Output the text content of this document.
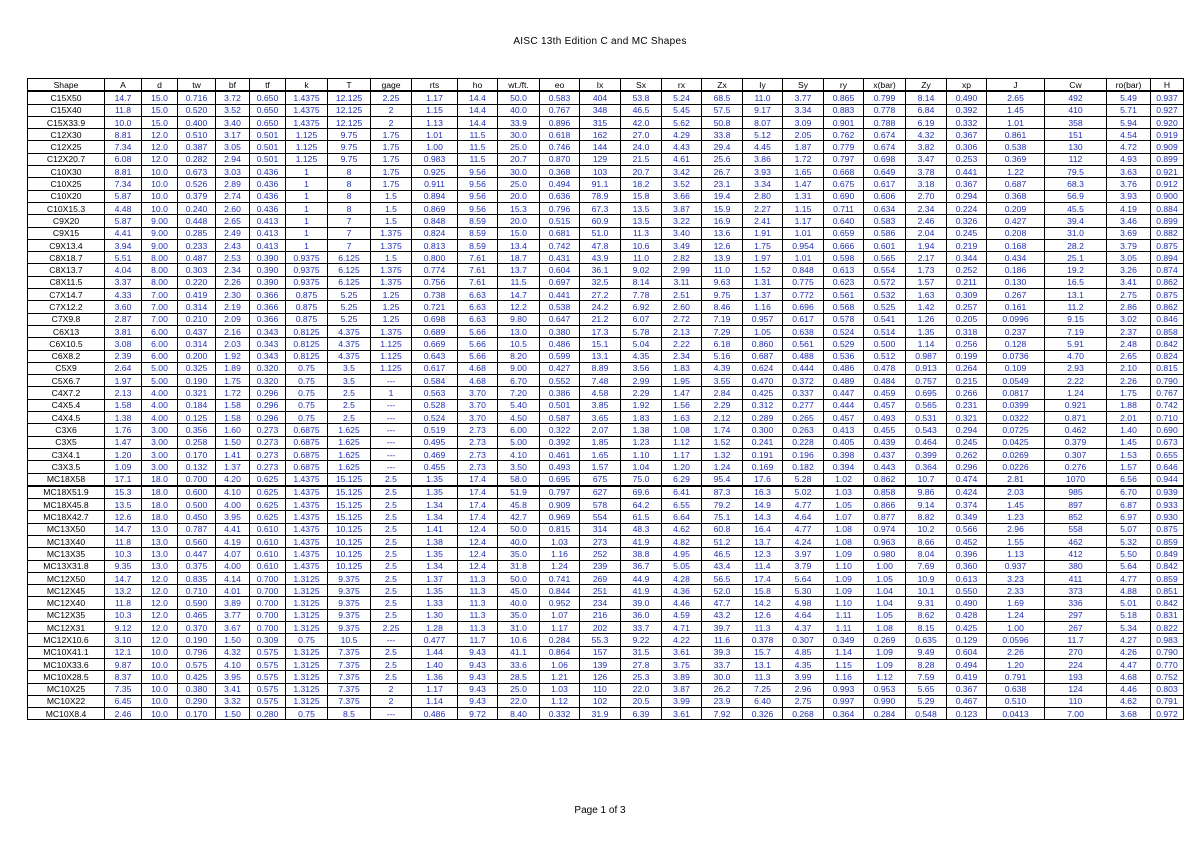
AISC 13th Edition C and MC Shapes
Shape	A	d	tw	bf	tf	k	T	gage	rts	ho	wt./ft.	eo	Ix	Sx	rx	Zx	Iy	Sy	ry	x(bar)	Zy	xp	J	Cw	ro(bar)	H
C15X50	14.7	15.0	0.716	3.72	0.650	1.4375	12.125	2.25	1.17	14.4	50.0	0.583	404	53.8	5.24	68.5	11.0	3.77	0.865	0.799	8.14	0.490	2.65	492	5.49	0.937
C15X40	11.8	15.0	0.520	3.52	0.650	1.4375	12.125	2	1.15	14.4	40.0	0.767	348	46.5	5.45	57.5	9.17	3.34	0.883	0.778	6.84	0.392	1.45	410	5.71	0.927
C15X33.9	10.0	15.0	0.400	3.40	0.650	1.4375	12.125	2	1.13	14.4	33.9	0.896	315	42.0	5.62	50.8	8.07	3.09	0.901	0.788	6.19	0.332	1.01	358	5.94	0.920
C12X30	8.81	12.0	0.510	3.17	0.501	1.125	9.75	1.75	1.01	11.5	30.0	0.618	162	27.0	4.29	33.8	5.12	2.05	0.762	0.674	4.32	0.367	0.861	151	4.54	0.919
C12X25	7.34	12.0	0.387	3.05	0.501	1.125	9.75	1.75	1.00	11.5	25.0	0.746	144	24.0	4.43	29.4	4.45	1.87	0.779	0.674	3.82	0.306	0.538	130	4.72	0.909
C12X20.7	6.08	12.0	0.282	2.94	0.501	1.125	9.75	1.75	0.983	11.5	20.7	0.870	129	21.5	4.61	25.6	3.86	1.72	0.797	0.698	3.47	0.253	0.369	112	4.93	0.899
C10X30	8.81	10.0	0.673	3.03	0.436	1	8	1.75	0.925	9.56	30.0	0.368	103	20.7	3.42	26.7	3.93	1.65	0.668	0.649	3.78	0.441	1.22	79.5	3.63	0.921
C10X25	7.34	10.0	0.526	2.89	0.436	1	8	1.75	0.911	9.56	25.0	0.494	91.1	18.2	3.52	23.1	3.34	1.47	0.675	0.617	3.18	0.367	0.687	68.3	3.76	0.912
C10X20	5.87	10.0	0.379	2.74	0.436	1	8	1.5	0.894	9.56	20.0	0.636	78.9	15.8	3.66	19.4	2.80	1.31	0.690	0.606	2.70	0.294	0.368	56.9	3.93	0.900
C10X15.3	4.48	10.0	0.240	2.60	0.436	1	8	1.5	0.869	9.56	15.3	0.796	67.3	13.5	3.87	15.9	2.27	1.15	0.711	0.634	2.34	0.224	0.209	45.5	4.19	0.884
C9X20	5.87	9.00	0.448	2.65	0.413	1	7	1.5	0.848	8.59	20.0	0.515	60.9	13.5	3.22	16.9	2.41	1.17	0.640	0.583	2.46	0.326	0.427	39.4	3.46	0.899
C9X15	4.41	9.00	0.285	2.49	0.413	1	7	1.375	0.824	8.59	15.0	0.681	51.0	11.3	3.40	13.6	1.91	1.01	0.659	0.586	2.04	0.245	0.208	31.0	3.69	0.882
C9X13.4	3.94	9.00	0.233	2.43	0.413	1	7	1.375	0.813	8.59	13.4	0.742	47.8	10.6	3.49	12.6	1.75	0.954	0.666	0.601	1.94	0.219	0.168	28.2	3.79	0.875
C8X18.7	5.51	8.00	0.487	2.53	0.390	0.9375	6.125	1.5	0.800	7.61	18.7	0.431	43.9	11.0	2.82	13.9	1.97	1.01	0.598	0.565	2.17	0.344	0.434	25.1	3.05	0.894
C8X13.7	4.04	8.00	0.303	2.34	0.390	0.9375	6.125	1.375	0.774	7.61	13.7	0.604	36.1	9.02	2.99	11.0	1.52	0.848	0.613	0.554	1.73	0.252	0.186	19.2	3.26	0.874
C8X11.5	3.37	8.00	0.220	2.26	0.390	0.9375	6.125	1.375	0.756	7.61	11.5	0.697	32.5	8.14	3.11	9.63	1.31	0.775	0.623	0.572	1.57	0.211	0.130	16.5	3.41	0.862
C7X14.7	4.33	7.00	0.419	2.30	0.366	0.875	5.25	1.25	0.738	6.63	14.7	0.441	27.2	7.78	2.51	9.75	1.37	0.772	0.561	0.532	1.63	0.309	0.267	13.1	2.75	0.875
C7X12.2	3.60	7.00	0.314	2.19	0.366	0.875	5.25	1.25	0.721	6.63	12.2	0.538	24.2	6.92	2.60	8.46	1.16	0.696	0.568	0.525	1.42	0.257	0.161	11.2	2.86	0.862
C7X9.8	2.87	7.00	0.210	2.09	0.366	0.875	5.25	1.25	0.698	6.63	9.80	0.647	21.2	6.07	2.72	7.19	0.957	0.617	0.578	0.541	1.26	0.205	0.0996	9.15	3.02	0.846
C6X13	3.81	6.00	0.437	2.16	0.343	0.8125	4.375	1.375	0.689	5.66	13.0	0.380	17.3	5.78	2.13	7.29	1.05	0.638	0.524	0.514	1.35	0.318	0.237	7.19	2.37	0.858
C6X10.5	3.08	6.00	0.314	2.03	0.343	0.8125	4.375	1.125	0.669	5.66	10.5	0.486	15.1	5.04	2.22	6.18	0.860	0.561	0.529	0.500	1.14	0.256	0.128	5.91	2.48	0.842
C6X8.2	2.39	6.00	0.200	1.92	0.343	0.8125	4.375	1.125	0.643	5.66	8.20	0.599	13.1	4.35	2.34	5.16	0.687	0.488	0.536	0.512	0.987	0.199	0.0736	4.70	2.65	0.824
C5X9	2.64	5.00	0.325	1.89	0.320	0.75	3.5	1.125	0.617	4.68	9.00	0.427	8.89	3.56	1.83	4.39	0.624	0.444	0.486	0.478	0.913	0.264	0.109	2.93	2.10	0.815
C5X6.7	1.97	5.00	0.190	1.75	0.320	0.75	3.5	---	0.584	4.68	6.70	0.552	7.48	2.99	1.95	3.55	0.470	0.372	0.489	0.484	0.757	0.215	0.0549	2.22	2.26	0.790
C4X7.2	2.13	4.00	0.321	1.72	0.296	0.75	2.5	1	0.563	3.70	7.20	0.386	4.58	2.29	1.47	2.84	0.425	0.337	0.447	0.459	0.695	0.266	0.0817	1.24	1.75	0.767
C4X5.4	1.58	4.00	0.184	1.58	0.296	0.75	2.5	---	0.528	3.70	5.40	0.501	3.85	1.92	1.56	2.29	0.312	0.277	0.444	0.457	0.565	0.231	0.0399	0.921	1.88	0.742
C4X4.5	1.38	4.00	0.125	1.58	0.296	0.75	2.5	---	0.524	3.70	4.50	0.587	3.65	1.83	1.63	2.12	0.289	0.265	0.457	0.493	0.531	0.321	0.0322	0.871	2.01	0.710
C3X6	1.76	3.00	0.356	1.60	0.273	0.6875	1.625	---	0.519	2.73	6.00	0.322	2.07	1.38	1.08	1.74	0.300	0.263	0.413	0.455	0.543	0.294	0.0725	0.462	1.40	0.690
C3X5	1.47	3.00	0.258	1.50	0.273	0.6875	1.625	---	0.495	2.73	5.00	0.392	1.85	1.23	1.12	1.52	0.241	0.228	0.405	0.439	0.464	0.245	0.0425	0.379	1.45	0.673
C3X4.1	1.20	3.00	0.170	1.41	0.273	0.6875	1.625	---	0.469	2.73	4.10	0.461	1.65	1.10	1.17	1.32	0.191	0.196	0.398	0.437	0.399	0.262	0.0269	0.307	1.53	0.655
C3X3.5	1.09	3.00	0.132	1.37	0.273	0.6875	1.625	---	0.455	2.73	3.50	0.493	1.57	1.04	1.20	1.24	0.169	0.182	0.394	0.443	0.364	0.296	0.0226	0.276	1.57	0.646
MC18X58	17.1	18.0	0.700	4.20	0.625	1.4375	15.125	2.5	1.35	17.4	58.0	0.695	675	75.0	6.29	95.4	17.6	5.28	1.02	0.862	10.7	0.474	2.81	1070	6.56	0.944
MC18X51.9	15.3	18.0	0.600	4.10	0.625	1.4375	15.125	2.5	1.35	17.4	51.9	0.797	627	69.6	6.41	87.3	16.3	5.02	1.03	0.858	9.86	0.424	2.03	985	6.70	0.939
MC18X45.8	13.5	18.0	0.500	4.00	0.625	1.4375	15.125	2.5	1.34	17.4	45.8	0.909	578	64.2	6.55	79.2	14.9	4.77	1.05	0.866	9.14	0.374	1.45	897	6.87	0.933
MC18X42.7	12.6	18.0	0.450	3.95	0.625	1.4375	15.125	2.5	1.34	17.4	42.7	0.969	554	61.5	6.64	75.1	14.3	4.64	1.07	0.877	8.82	0.349	1.23	852	6.97	0.930
MC13X50	14.7	13.0	0.787	4.41	0.610	1.4375	10.125	2.5	1.41	12.4	50.0	0.815	314	48.3	4.62	60.8	16.4	4.77	1.08	0.974	10.2	0.566	2.96	558	5.07	0.875
MC13X40	11.8	13.0	0.560	4.19	0.610	1.4375	10.125	2.5	1.38	12.4	40.0	1.03	273	41.9	4.82	51.2	13.7	4.24	1.08	0.963	8.66	0.452	1.55	462	5.32	0.859
MC13X35	10.3	13.0	0.447	4.07	0.610	1.4375	10.125	2.5	1.35	12.4	35.0	1.16	252	38.8	4.95	46.5	12.3	3.97	1.09	0.980	8.04	0.396	1.13	412	5.50	0.849
MC13X31.8	9.35	13.0	0.375	4.00	0.610	1.4375	10.125	2.5	1.34	12.4	31.8	1.24	239	36.7	5.05	43.4	11.4	3.79	1.10	1.00	7.69	0.360	0.937	380	5.64	0.842
MC12X50	14.7	12.0	0.835	4.14	0.700	1.3125	9.375	2.5	1.37	11.3	50.0	0.741	269	44.9	4.28	56.5	17.4	5.64	1.09	1.05	10.9	0.613	3.23	411	4.77	0.859
MC12X45	13.2	12.0	0.710	4.01	0.700	1.3125	9.375	2.5	1.35	11.3	45.0	0.844	251	41.9	4.36	52.0	15.8	5.30	1.09	1.04	10.1	0.550	2.33	373	4.88	0.851
MC12X40	11.8	12.0	0.590	3.89	0.700	1.3125	9.375	2.5	1.33	11.3	40.0	0.952	234	39.0	4.46	47.7	14.2	4.98	1.10	1.04	9.31	0.490	1.69	336	5.01	0.842
MC12X35	10.3	12.0	0.465	3.77	0.700	1.3125	9.375	2.5	1.30	11.3	35.0	1.07	216	36.0	4.59	43.2	12.6	4.64	1.11	1.05	8.62	0.428	1.24	297	5.18	0.831
MC12X31	9.12	12.0	0.370	3.67	0.700	1.3125	9.375	2.25	1.28	11.3	31.0	1.17	202	33.7	4.71	39.7	11.3	4.37	1.11	1.08	8.15	0.425	1.00	267	5.34	0.822
MC12X10.6	3.10	12.0	0.190	1.50	0.309	0.75	10.5	---	0.477	11.7	10.6	0.284	55.3	9.22	4.22	11.6	0.378	0.307	0.349	0.269	0.635	0.129	0.0596	11.7	4.27	0.983
MC10X41.1	12.1	10.0	0.796	4.32	0.575	1.3125	7.375	2.5	1.44	9.43	41.1	0.864	157	31.5	3.61	39.3	15.7	4.85	1.14	1.09	9.49	0.604	2.26	270	4.26	0.790
MC10X33.6	9.87	10.0	0.575	4.10	0.575	1.3125	7.375	2.5	1.40	9.43	33.6	1.06	139	27.8	3.75	33.7	13.1	4.35	1.15	1.09	8.28	0.494	1.20	224	4.47	0.770
MC10X28.5	8.37	10.0	0.425	3.95	0.575	1.3125	7.375	2.5	1.36	9.43	28.5	1.21	126	25.3	3.89	30.0	11.3	3.99	1.16	1.12	7.59	0.419	0.791	193	4.68	0.752
MC10X25	7.35	10.0	0.380	3.41	0.575	1.3125	7.375	2	1.17	9.43	25.0	1.03	110	22.0	3.87	26.2	7.25	2.96	0.993	0.953	5.65	0.367	0.638	124	4.46	0.803
MC10X22	6.45	10.0	0.290	3.32	0.575	1.3125	7.375	2	1.14	9.43	22.0	1.12	102	20.5	3.99	23.9	6.40	2.75	0.997	0.990	5.29	0.467	0.510	110	4.62	0.791
MC10X8.4	2.46	10.0	0.170	1.50	0.280	0.75	8.5	---	0.486	9.72	8.40	0.332	31.9	6.39	3.61	7.92	0.326	0.268	0.364	0.284	0.548	0.123	0.0413	7.00	3.68	0.972
Page 1 of 3
